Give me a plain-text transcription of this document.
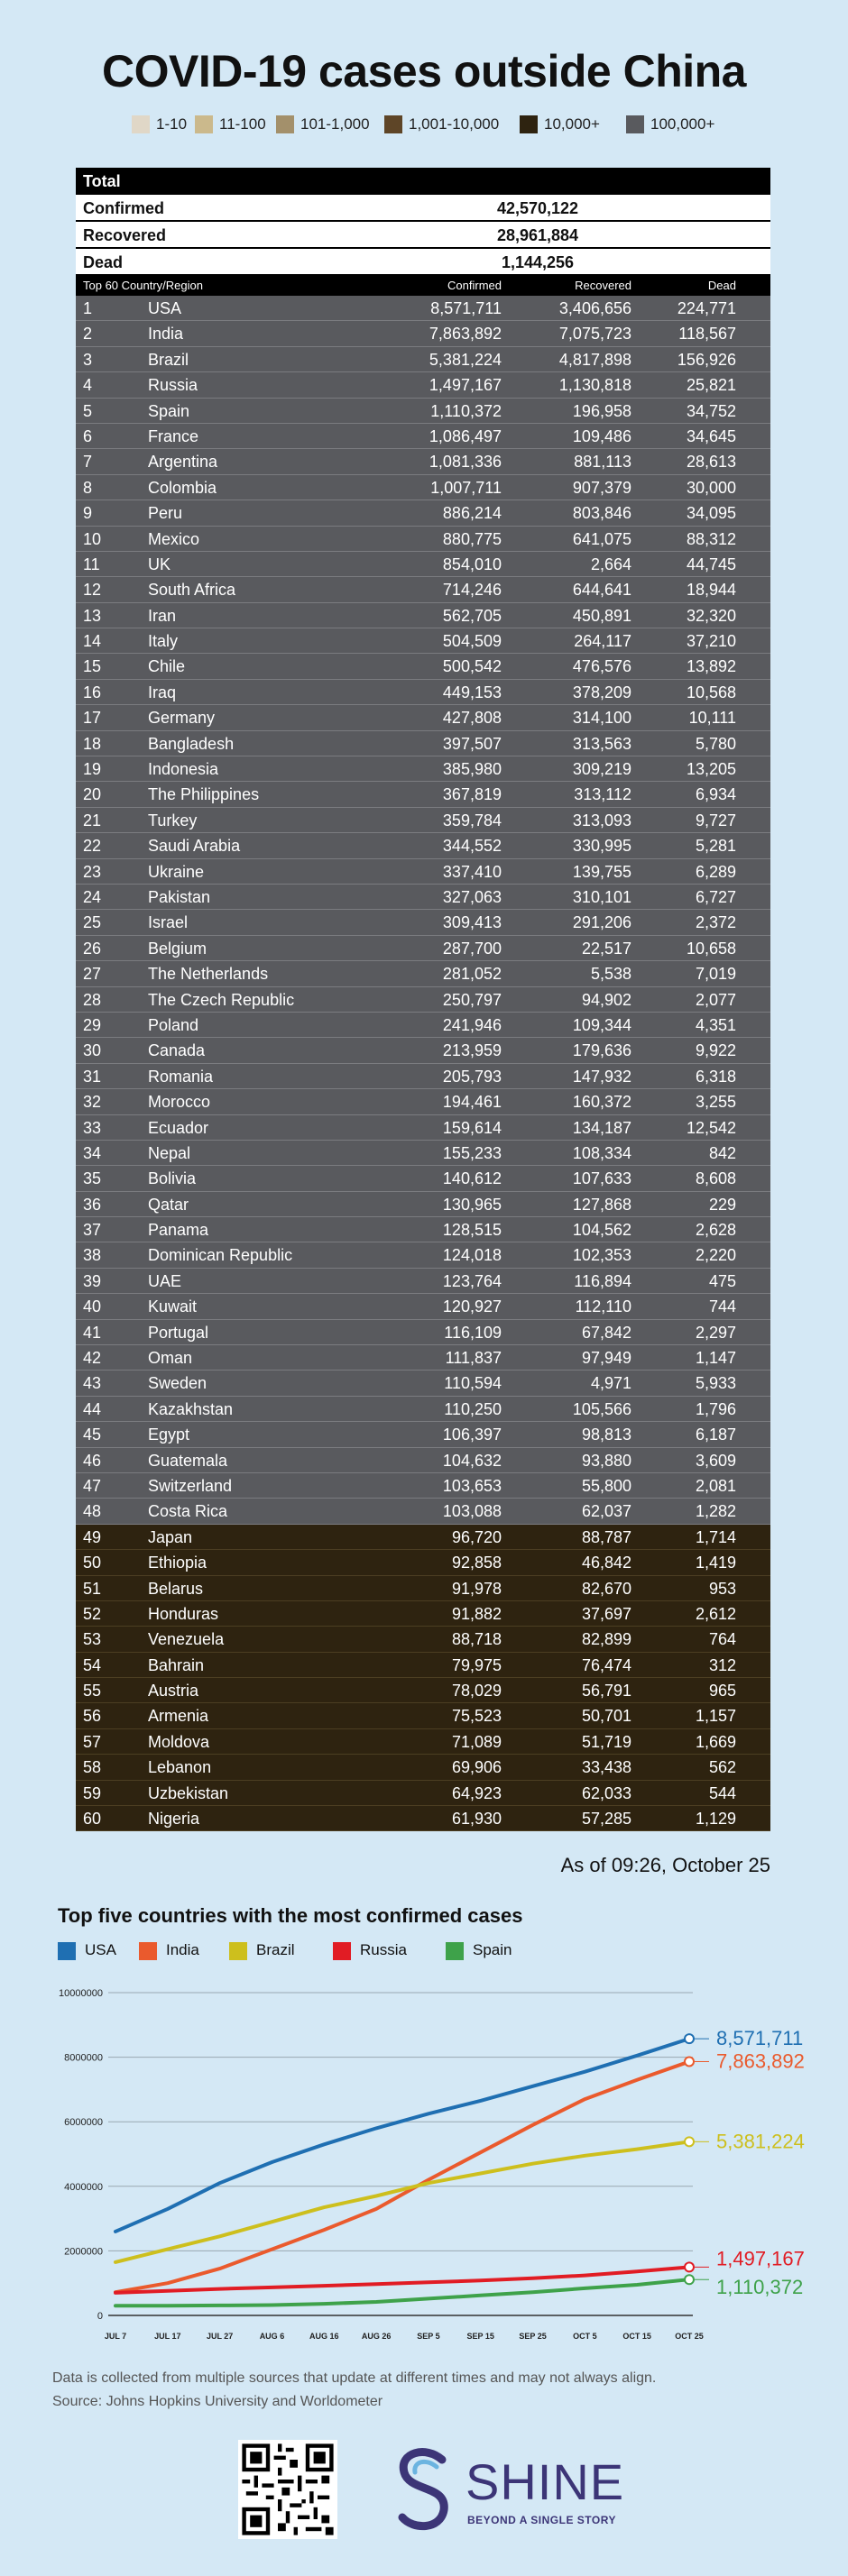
COVID-19 cases outside China
1-10 11-100 101-1,000	1,001-10,000	10,000+	100,000+
Total
Confirmed	42,570,122
Recovered	28,961,884
Dead	1,144,256
Top 60 Country/Region	Confirmed	Recovered	Dead
1	USA	8,571,711	3,406,656	224,771
2	India	7,863,892	7,075,723	118,567
3	Brazil	5,381,224	4,817,898	156,926
4	Russia	1,497,167	1,130,818	25,821
5	Spain	1,110,372	196,958	34,752
6	France	1,086,497	109,486	34,645
7	Argentina	1,081,336	881,113	28,613
8	Colombia	1,007,711	907,379	30,000
9	Peru	886,214	803,846	34,095
10	Mexico	880,775	641,075	88,312
11	UK	854,010	2,664	44,745
12	South Africa	714,246	644,641	18,944
13	Iran	562,705	450,891	32,320
14	Italy	504,509	264,117	37,210
15	Chile	500,542	476,576	13,892
16	Iraq	449,153	378,209	10,568
17	Germany	427,808	314,100	10,111
18	Bangladesh	397,507	313,563	5,780
19	Indonesia	385,980	309,219	13,205
20	The Philippines	367,819	313,112	6,934
21	Turkey	359,784	313,093	9,727
22	Saudi Arabia	344,552	330,995	5,281
23	Ukraine	337,410	139,755	6,289
24	Pakistan	327,063	310,101	6,727
25	Israel	309,413	291,206	2,372
26	Belgium	287,700	22,517	10,658
27	The Netherlands	281,052	5,538	7,019
28	The Czech Republic	250,797	94,902	2,077
29	Poland	241,946	109,344	4,351
30	Canada	213,959	179,636	9,922
31	Romania	205,793	147,932	6,318
32	Morocco	194,461	160,372	3,255
33	Ecuador	159,614	134,187	12,542
34	Nepal	155,233	108,334	842
35	Bolivia	140,612	107,633	8,608
36	Qatar	130,965	127,868	229
37	Panama	128,515	104,562	2,628
38	Dominican Republic	124,018	102,353	2,220
39	UAE	123,764	116,894	475
40	Kuwait	120,927	112,110	744
41	Portugal	116,109	67,842	2,297
42	Oman	111,837	97,949	1,147
43	Sweden	110,594	4,971	5,933
44	Kazakhstan	110,250	105,566	1,796
45	Egypt	106,397	98,813	6,187
46	Guatemala	104,632	93,880	3,609
47	Switzerland	103,653	55,800	2,081
48	Costa Rica	103,088	62,037	1,282
49	Japan	96,720	88,787	1,714
50	Ethiopia	92,858	46,842	1,419
51	Belarus	91,978	82,670	953
52	Honduras	91,882	37,697	2,612
53	Venezuela	88,718	82,899	764
54	Bahrain	79,975	76,474	312
55	Austria	78,029	56,791	965
56	Armenia	75,523	50,701	1,157
57	Moldova	71,089	51,719	1,669
58	Lebanon	69,906	33,438	562
59	Uzbekistan	64,923	62,033	544
60	Nigeria	61,930	57,285	1,129
As of 09:26, October 25
Top five countries with the most confirmed cases
USA	India	Brazil	Russia	Spain
0
2000000
4000000
6000000
8000000
10000000
JUL 7	JUL 17	JUL 27	AUG 6	AUG 16	AUG 26	SEP 5	SEP 15	SEP 25	OCT 5	OCT 15	OCT 25
8,571,711
7,863,892
5,381,224
1,497,167
1,110,372
Data is collected from multiple sources that update at different times and may not always align.
Source: Johns Hopkins University and Worldometer
SHINE
BEYOND A SINGLE STORY
